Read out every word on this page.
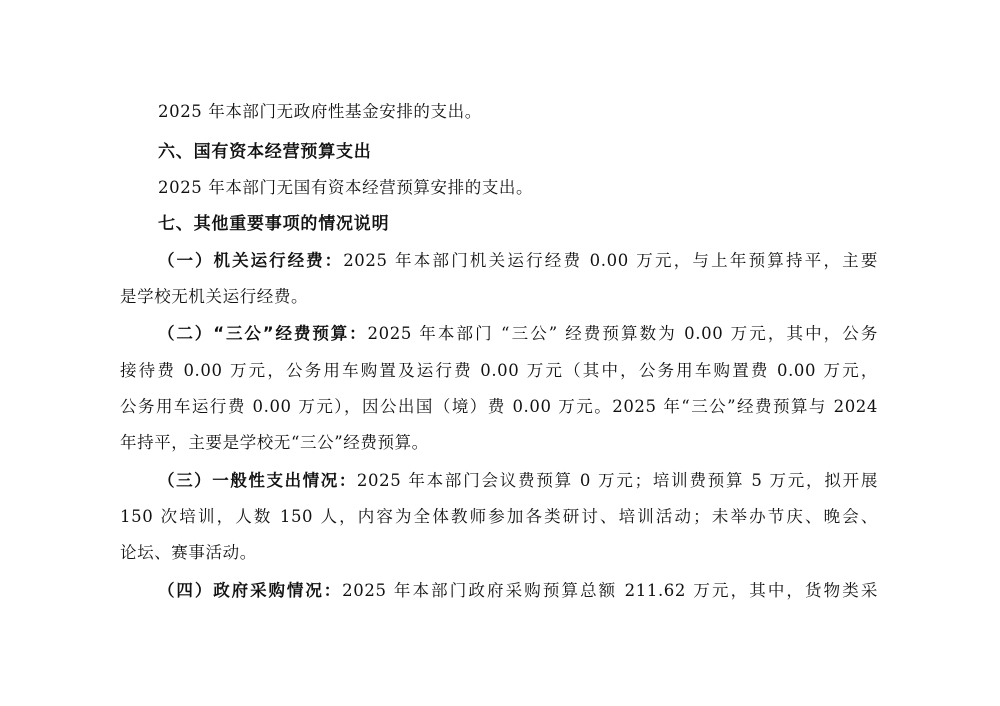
2025 年本部门无政府性基金安排的支出。
六、国有资本经营预算支出
2025 年本部门无国有资本经营预算安排的支出。
七、其他重要事项的情况说明
（一）机关运行经费：2025 年本部门机关运行经费 0.00 万元，与上年预算持平，主要
是学校无机关运行经费。
（二）“三公”经费预算：2025 年本部门 “三公” 经费预算数为 0.00 万元，其中，公务
接待费 0.00 万元，公务用车购置及运行费 0.00 万元（其中，公务用车购置费 0.00 万元，
公务用车运行费 0.00 万元），因公出国（境）费 0.00 万元。2025 年“三公”经费预算与 2024
年持平，主要是学校无“三公”经费预算。
（三）一般性支出情况：2025 年本部门会议费预算 0 万元；培训费预算 5 万元，拟开展
150 次培训，人数 150 人，内容为全体教师参加各类研讨、培训活动；未举办节庆、晚会、
论坛、赛事活动。
（四）政府采购情况：2025 年本部门政府采购预算总额 211.62 万元，其中，货物类采
